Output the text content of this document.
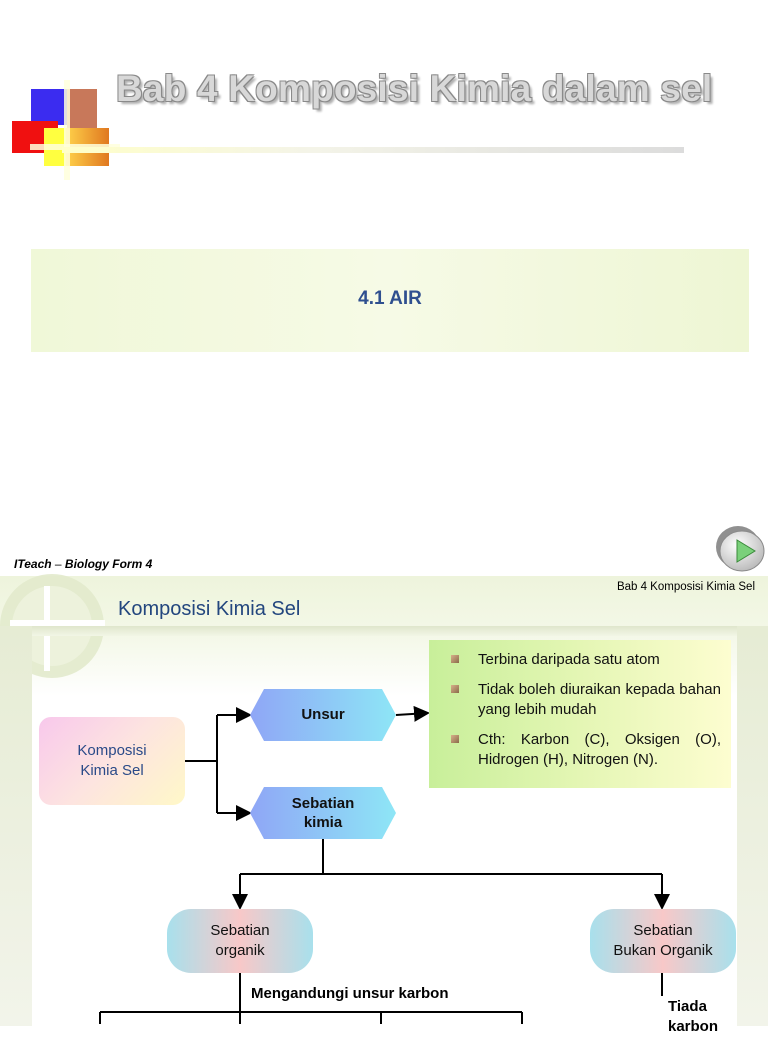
Bab 4 Komposisi Kimia dalam sel
4.1 AIR
ITeach – Biology Form 4
Bab 4 Komposisi Kimia Sel
Komposisi Kimia Sel
Komposisi
Kimia Sel
Unsur
Sebatian
kimia
Terbina daripada satu atom
Tidak boleh diuraikan kepada bahan yang lebih mudah
Cth: Karbon (C), Oksigen (O), Hidrogen (H), Nitrogen (N).
Sebatian
organik
Sebatian
Bukan Organik
Mengandungi unsur karbon
Tiada
karbon
